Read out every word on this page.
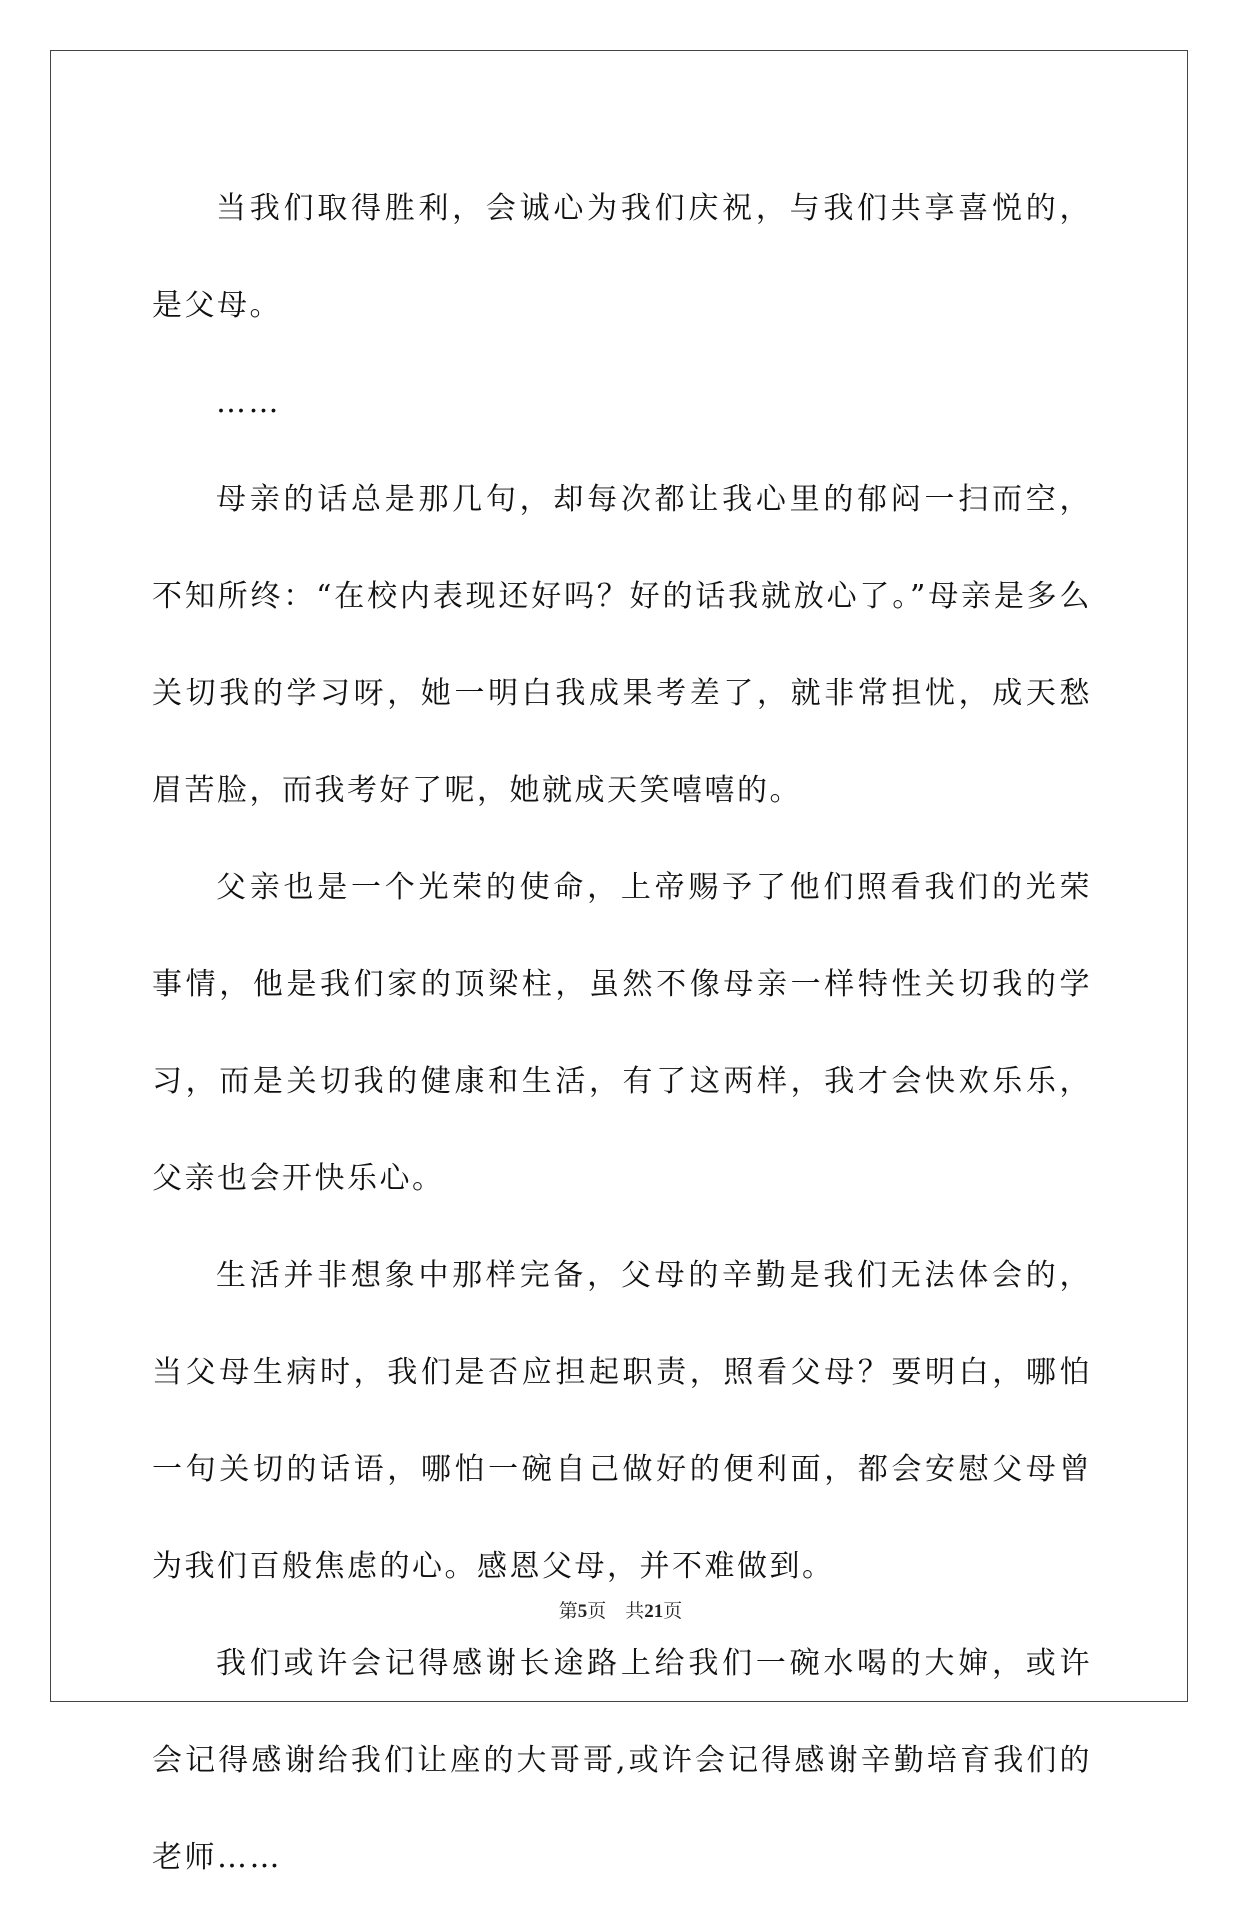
当我们取得胜利，会诚心为我们庆祝，与我们共享喜悦的，是父母。

……

母亲的话总是那几句，却每次都让我心里的郁闷一扫而空，不知所终：“在校内表现还好吗？好的话我就放心了。”母亲是多么关切我的学习呀，她一明白我成果考差了，就非常担忧，成天愁眉苦脸，而我考好了呢，她就成天笑嘻嘻的。

父亲也是一个光荣的使命，上帝赐予了他们照看我们的光荣事情，他是我们家的顶梁柱，虽然不像母亲一样特性关切我的学习，而是关切我的健康和生活，有了这两样，我才会快欢乐乐，父亲也会开快乐心。

生活并非想象中那样完备，父母的辛勤是我们无法体会的，当父母生病时，我们是否应担起职责，照看父母？要明白，哪怕一句关切的话语，哪怕一碗自己做好的便利面，都会安慰父母曾为我们百般焦虑的心。感恩父母，并不难做到。

我们或许会记得感谢长途路上给我们一碗水喝的大婶，或许会记得感谢给我们让座的大哥哥,或许会记得感谢辛勤培育我们的老师……

第5页 共21页
